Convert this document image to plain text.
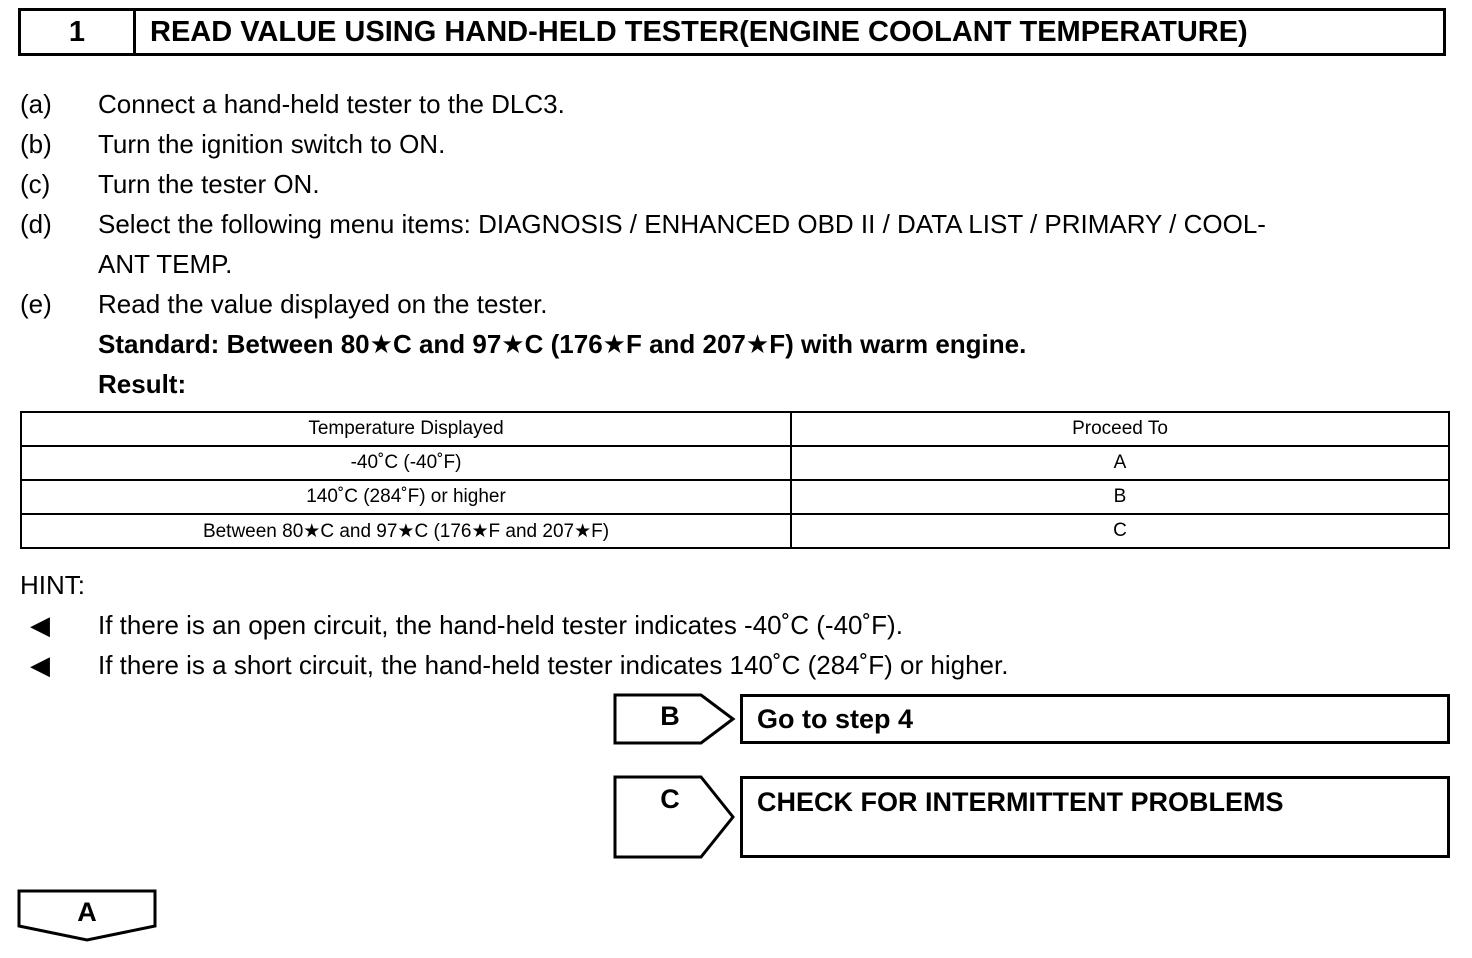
1	READ VALUE USING HAND-HELD TESTER(ENGINE COOLANT TEMPERATURE)
(a) Connect a hand-held tester to the DLC3.
(b) Turn the ignition switch to ON.
(c) Turn the tester ON.
(d) Select the following menu items: DIAGNOSIS / ENHANCED OBD II / DATA LIST / PRIMARY / COOL-
ANT TEMP.
(e) Read the value displayed on the tester.
Standard: Between 80★C and 97★C (176★F and 207★F) with warm engine.
Result:
Temperature Displayed	Proceed To
-40˚C (-40˚F)	A
140˚C (284˚F) or higher	B
Between 80★C and 97★C (176★F and 207★F)	C
HINT:
◀ If there is an open circuit, the hand-held tester indicates -40˚C (-40˚F).
◀ If there is a short circuit, the hand-held tester indicates 140˚C (284˚F) or higher.
B	Go to step 4
C	CHECK FOR INTERMITTENT PROBLEMS
A
